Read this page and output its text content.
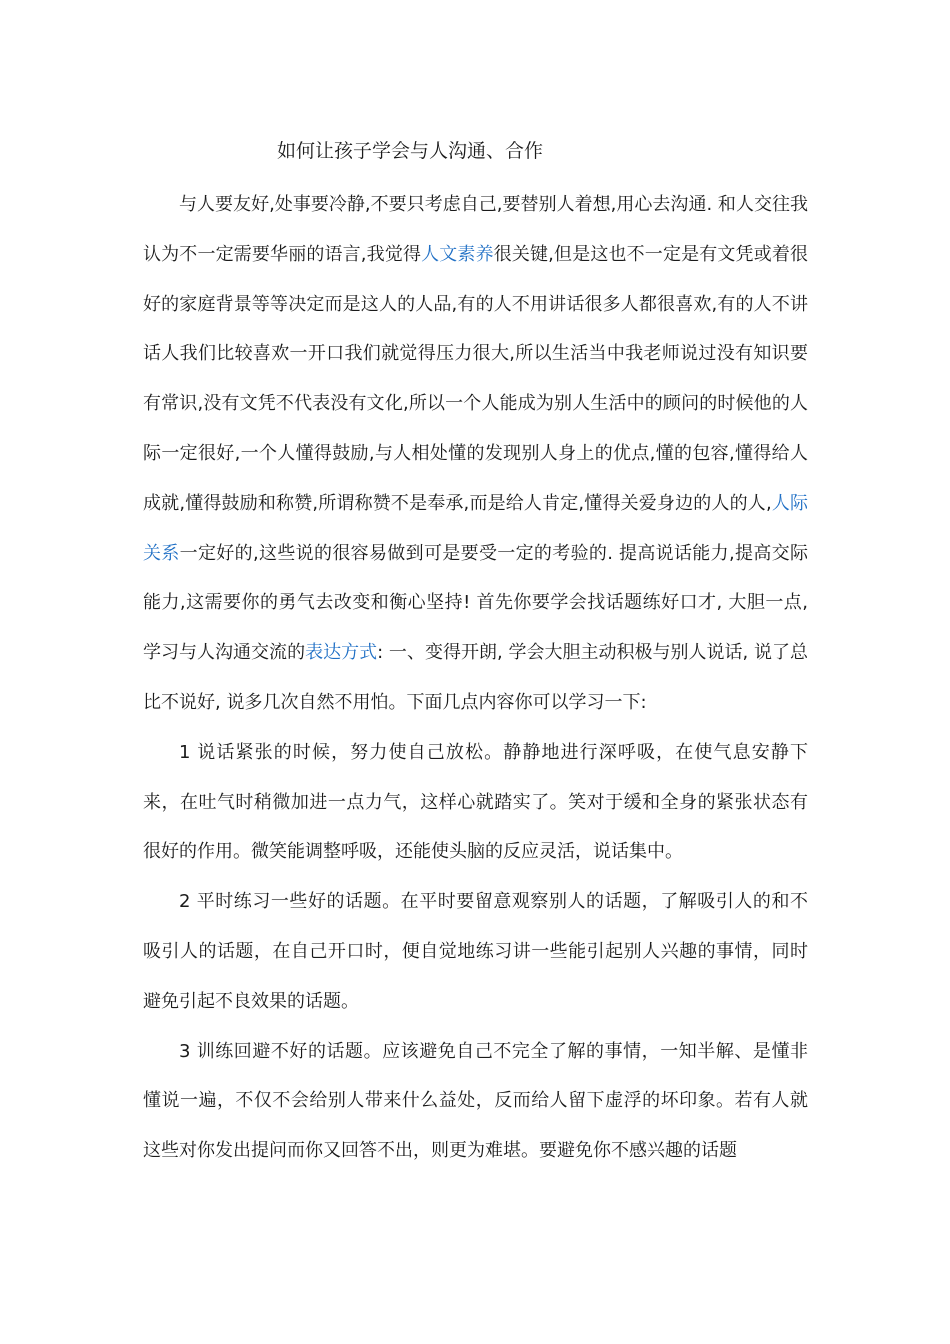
如何让孩子学会与人沟通、合作

与人要友好,处事要冷静,不要只考虑自己,要替别人着想,用心去沟通. 和人交往我认为不一定需要华丽的语言,我觉得人文素养很关键,但是这也不一定是有文凭或着很好的家庭背景等等决定而是这人的人品,有的人不用讲话很多人都很喜欢,有的人不讲话人我们比较喜欢一开口我们就觉得压力很大,所以生活当中我老师说过没有知识要有常识,没有文凭不代表没有文化,所以一个人能成为别人生活中的顾问的时候他的人际一定很好,一个人懂得鼓励,与人相处懂的发现别人身上的优点,懂的包容,懂得给人成就,懂得鼓励和称赞,所谓称赞不是奉承,而是给人肯定,懂得关爱身边的人的人,人际关系一定好的,这些说的很容易做到可是要受一定的考验的. 提高说话能力,提高交际能力,这需要你的勇气去改变和衡心坚持! 首先你要学会找话题练好口才, 大胆一点, 学习与人沟通交流的表达方式: 一、变得开朗, 学会大胆主动积极与别人说话, 说了总比不说好, 说多几次自然不用怕。下面几点内容你可以学习一下:

1 说话紧张的时候，努力使自己放松。静静地进行深呼吸，在使气息安静下来，在吐气时稍微加进一点力气，这样心就踏实了。笑对于缓和全身的紧张状态有很好的作用。微笑能调整呼吸，还能使头脑的反应灵活，说话集中。

2 平时练习一些好的话题。在平时要留意观察别人的话题，了解吸引人的和不吸引人的话题，在自己开口时，便自觉地练习讲一些能引起别人兴趣的事情，同时避免引起不良效果的话题。

3 训练回避不好的话题。应该避免自己不完全了解的事情，一知半解、是懂非懂说一遍，不仅不会给别人带来什么益处，反而给人留下虚浮的坏印象。若有人就这些对你发出提问而你又回答不出，则更为难堪。要避免你不感兴趣的话题
